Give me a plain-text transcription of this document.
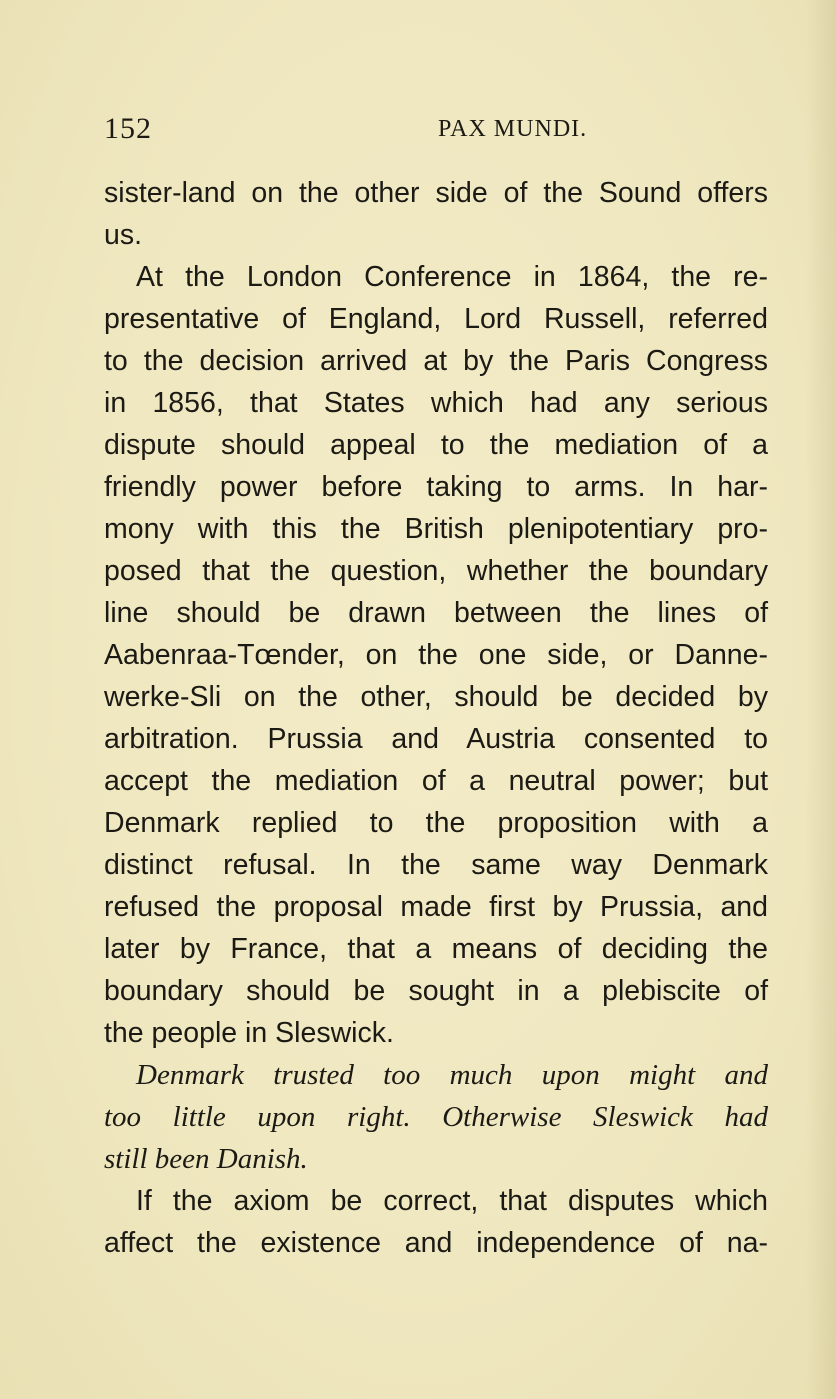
152	PAX MUNDI.
sister-land on the other side of the Sound offers
us.
At the London Conference in 1864, the re-
presentative of England, Lord Russell, referred
to the decision arrived at by the Paris Congress
in 1856, that States which had any serious
dispute should appeal to the mediation of a
friendly power before taking to arms. In har-
mony with this the British plenipotentiary pro-
posed that the question, whether the boundary
line should be drawn between the lines of
Aabenraa-Tœnder, on the one side, or Danne-
werke-Sli on the other, should be decided by
arbitration. Prussia and Austria consented to
accept the mediation of a neutral power; but
Denmark replied to the proposition with a
distinct refusal. In the same way Denmark
refused the proposal made first by Prussia, and
later by France, that a means of deciding the
boundary should be sought in a plebiscite of
the people in Sleswick.
Denmark trusted too much upon might and
too little upon right. Otherwise Sleswick had
still been Danish.
If the axiom be correct, that disputes which
affect the existence and independence of na-
